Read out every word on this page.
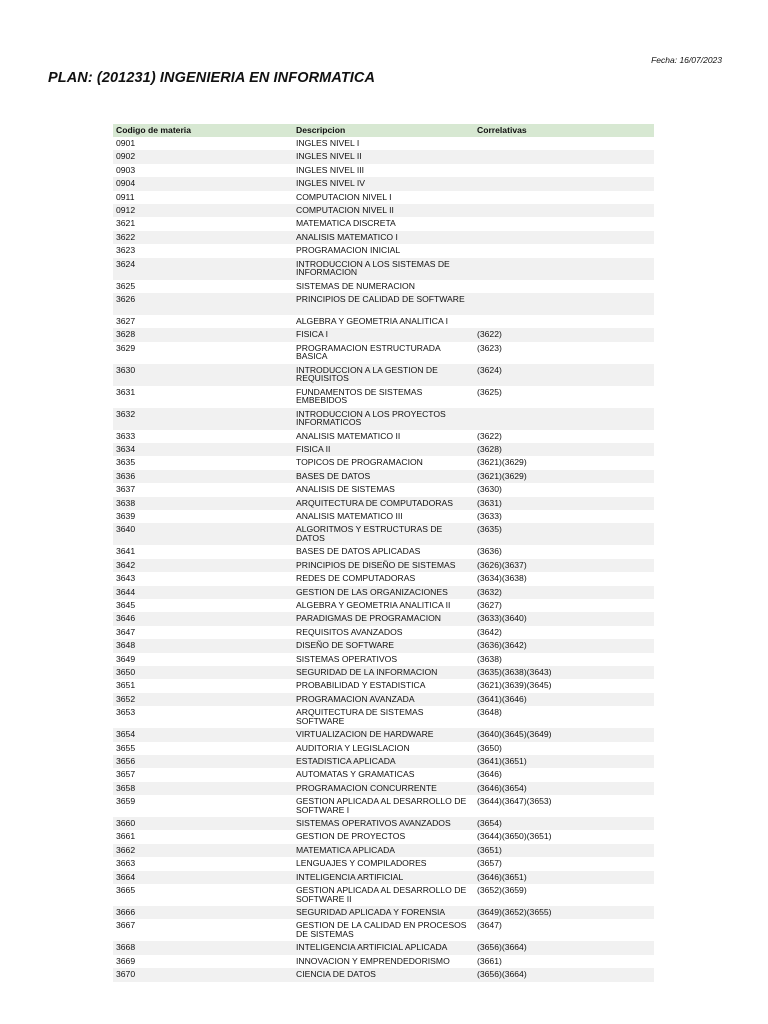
Fecha: 16/07/2023
PLAN: (201231) INGENIERIA EN INFORMATICA
Codigo de materia	Descripcion	Correlativas
0901	INGLES NIVEL I	
0902	INGLES NIVEL II	
0903	INGLES NIVEL III	
0904	INGLES NIVEL IV	
0911	COMPUTACION NIVEL I	
0912	COMPUTACION NIVEL II	
3621	MATEMATICA DISCRETA	
3622	ANALISIS MATEMATICO I	
3623	PROGRAMACION INICIAL	
3624	INTRODUCCION A LOS SISTEMAS DE INFORMACION	
3625	SISTEMAS DE NUMERACION	
3626	PRINCIPIOS DE CALIDAD DE SOFTWARE	
3627	ALGEBRA Y GEOMETRIA ANALITICA I	
3628	FISICA I	(3622)
3629	PROGRAMACION ESTRUCTURADA BASICA	(3623)
3630	INTRODUCCION A LA GESTION DE REQUISITOS	(3624)
3631	FUNDAMENTOS DE SISTEMAS EMBEBIDOS	(3625)
3632	INTRODUCCION A LOS PROYECTOS INFORMATICOS	
3633	ANALISIS MATEMATICO II	(3622)
3634	FISICA II	(3628)
3635	TOPICOS DE PROGRAMACION	(3621)(3629)
3636	BASES DE DATOS	(3621)(3629)
3637	ANALISIS DE SISTEMAS	(3630)
3638	ARQUITECTURA DE COMPUTADORAS	(3631)
3639	ANALISIS MATEMATICO III	(3633)
3640	ALGORITMOS Y ESTRUCTURAS DE DATOS	(3635)
3641	BASES DE DATOS APLICADAS	(3636)
3642	PRINCIPIOS DE DISEÑO DE SISTEMAS	(3626)(3637)
3643	REDES DE COMPUTADORAS	(3634)(3638)
3644	GESTION DE LAS ORGANIZACIONES	(3632)
3645	ALGEBRA Y GEOMETRIA ANALITICA II	(3627)
3646	PARADIGMAS DE PROGRAMACION	(3633)(3640)
3647	REQUISITOS AVANZADOS	(3642)
3648	DISEÑO DE SOFTWARE	(3636)(3642)
3649	SISTEMAS OPERATIVOS	(3638)
3650	SEGURIDAD DE LA INFORMACION	(3635)(3638)(3643)
3651	PROBABILIDAD Y ESTADISTICA	(3621)(3639)(3645)
3652	PROGRAMACION AVANZADA	(3641)(3646)
3653	ARQUITECTURA DE SISTEMAS SOFTWARE	(3648)
3654	VIRTUALIZACION DE HARDWARE	(3640)(3645)(3649)
3655	AUDITORIA Y LEGISLACION	(3650)
3656	ESTADISTICA APLICADA	(3641)(3651)
3657	AUTOMATAS Y GRAMATICAS	(3646)
3658	PROGRAMACION CONCURRENTE	(3646)(3654)
3659	GESTION APLICADA AL DESARROLLO DE SOFTWARE I	(3644)(3647)(3653)
3660	SISTEMAS OPERATIVOS AVANZADOS	(3654)
3661	GESTION DE PROYECTOS	(3644)(3650)(3651)
3662	MATEMATICA APLICADA	(3651)
3663	LENGUAJES Y COMPILADORES	(3657)
3664	INTELIGENCIA ARTIFICIAL	(3646)(3651)
3665	GESTION APLICADA AL DESARROLLO DE SOFTWARE II	(3652)(3659)
3666	SEGURIDAD APLICADA Y FORENSIA	(3649)(3652)(3655)
3667	GESTION DE LA CALIDAD EN PROCESOS DE SISTEMAS	(3647)
3668	INTELIGENCIA ARTIFICIAL APLICADA	(3656)(3664)
3669	INNOVACION Y EMPRENDEDORISMO	(3661)
3670	CIENCIA DE DATOS	(3656)(3664)
